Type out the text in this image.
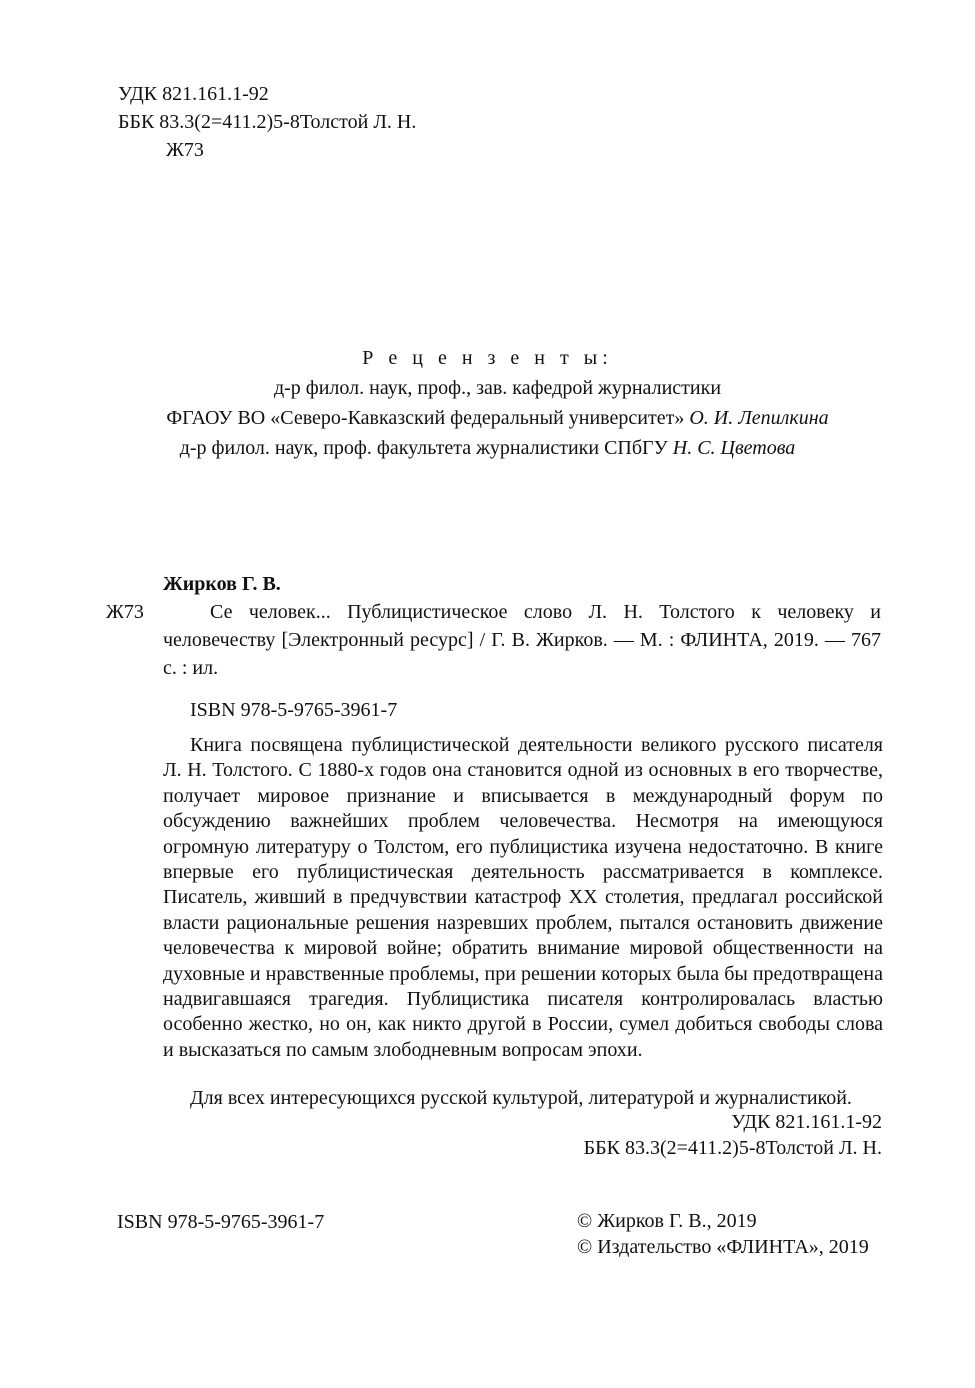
УДК 821.161.1-92
ББК 83.3(2=411.2)5-8Толстой Л. Н.
Ж73
Р е ц е н з е н т ы:
д-р филол. наук, проф., зав. кафедрой журналистики
ФГАОУ ВО «Северо-Кавказский федеральный университет» О. И. Лепилкина
д-р филол. наук, проф. факультета журналистики СПбГУ Н. С. Цветова
Жирков Г. В.
Ж73	Се человек... Публицистическое слово Л. Н. Толстого к человеку и человечеству [Электронный ресурс] / Г. В. Жирков. — М. : ФЛИНТА, 2019. — 767 с. : ил.
ISBN 978-5-9765-3961-7

Книга посвящена публицистической деятельности великого русского писателя Л. Н. Толстого. С 1880-х годов она становится одной из основных в его творчестве, получает мировое признание и вписывается в международный форум по обсуждению важнейших проблем человечества. Несмотря на имеющуюся огромную литературу о Толстом, его публицистика изучена недостаточно. В книге впервые его публицистическая деятельность рассматривается в комплексе. Писатель, живший в предчувствии катастроф XX столетия, предлагал российской власти рациональные решения назревших проблем, пытался остановить движение человечества к мировой войне; обратить внимание мировой общественности на духовные и нравственные проблемы, при решении которых была бы предотвращена надвигавшаяся трагедия. Публицистика писателя контролировалась властью особенно жестко, но он, как никто другой в России, сумел добиться свободы слова и высказаться по самым злободневным вопросам эпохи.

Для всех интересующихся русской культурой, литературой и журналистикой.
УДК 821.161.1-92
ББК 83.3(2=411.2)5-8Толстой Л. Н.
ISBN 978-5-9765-3961-7	© Жирков Г. В., 2019
© Издательство «ФЛИНТА», 2019
